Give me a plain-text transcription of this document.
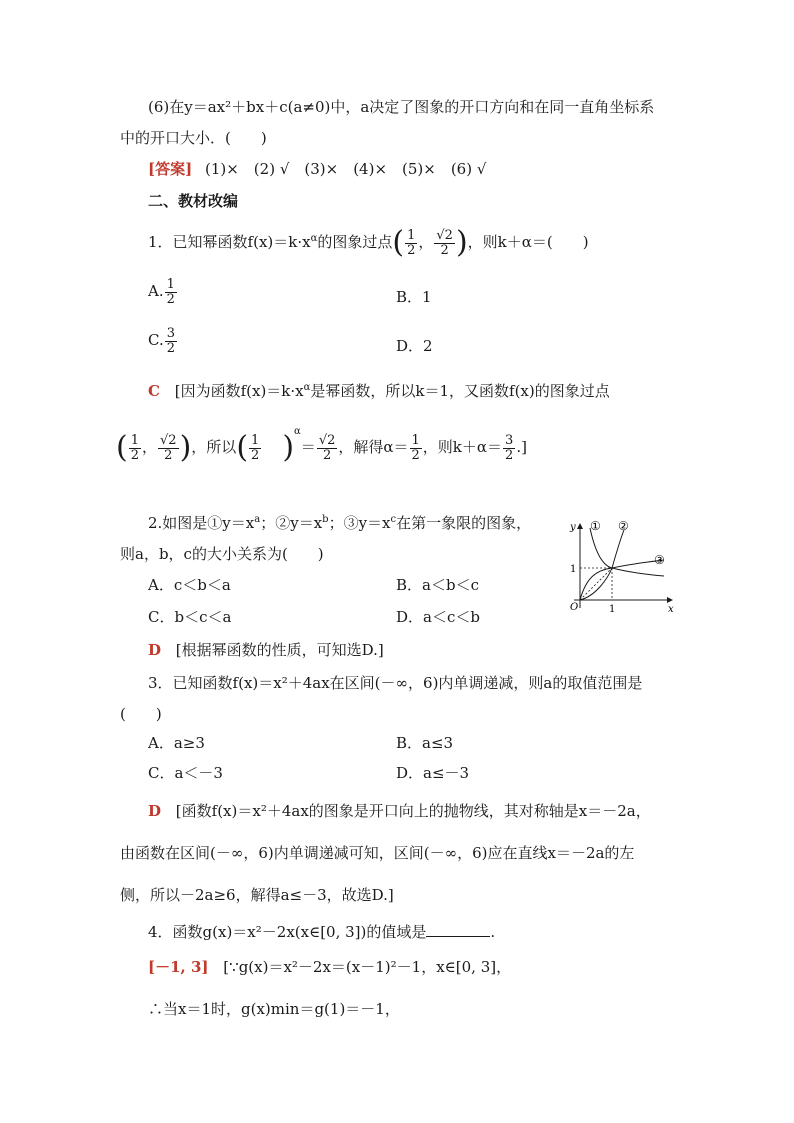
(6)在y＝ax²＋bx＋c(a≠0)中，a决定了图象的开口方向和在同一直角坐标系
中的开口大小．(　　)
[答案] (1)×　(2) √　(3)×　(4)×　(5)×　(6) √
二、教材改编
1．已知幂函数$f(x)=k\cdot x^\alpha$的图象过点( $\frac{1}{2}$ ， $\frac{√2}{2}$ )，则k＋α＝(　　)
A. $\frac{1}{2}$	B．1
C. $\frac{3}{2}$	D．2
C [因为函数$f(x)=k\cdot x^\alpha$是幂函数，所以k＝1，又函数f(x)的图象过点
( $\frac{1}{2}$ ， $\frac{√2}{2}$ )，所以( $\frac{1}{2} )^\alpha= \frac{√2}{2}$ ，解得$\alpha= \frac{1}{2}$ ，则$k+\alpha= \frac{3}{2}$ .]
2.如图是$①y=x^a$；$②y=x^b$；$③y=x^c$在第一象限的图象，
则a，b，c的大小关系为(　　)
A．c＜b＜a	B．a＜b＜c
C．b＜c＜a	D．a＜c＜b
D [根据幂函数的性质，可知选D.]
y
x
O
1
1
① ②
③
3．已知函数f(x)＝x²＋4ax在区间(－∞，6)内单调递减，则a的取值范围是
(　　)
A．a≥3	B．a≤3
C．a＜－3	D．a≤－3
D [函数f(x)＝x²＋4ax的图象是开口向上的抛物线，其对称轴是x＝－2a，
由函数在区间(－∞，6)内单调递减可知，区间(－∞，6)应在直线x＝－2a的左
侧，所以－2a≥6，解得a≤－3，故选D.]
4．函数g(x)＝x²－2x(x∈[0, 3])的值域是	.
[－1, 3] [∵g(x)＝x²－2x＝(x－1)²－1，x∈[0, 3]，
∴当x＝1时，g(x)min＝g(1)＝－1，
